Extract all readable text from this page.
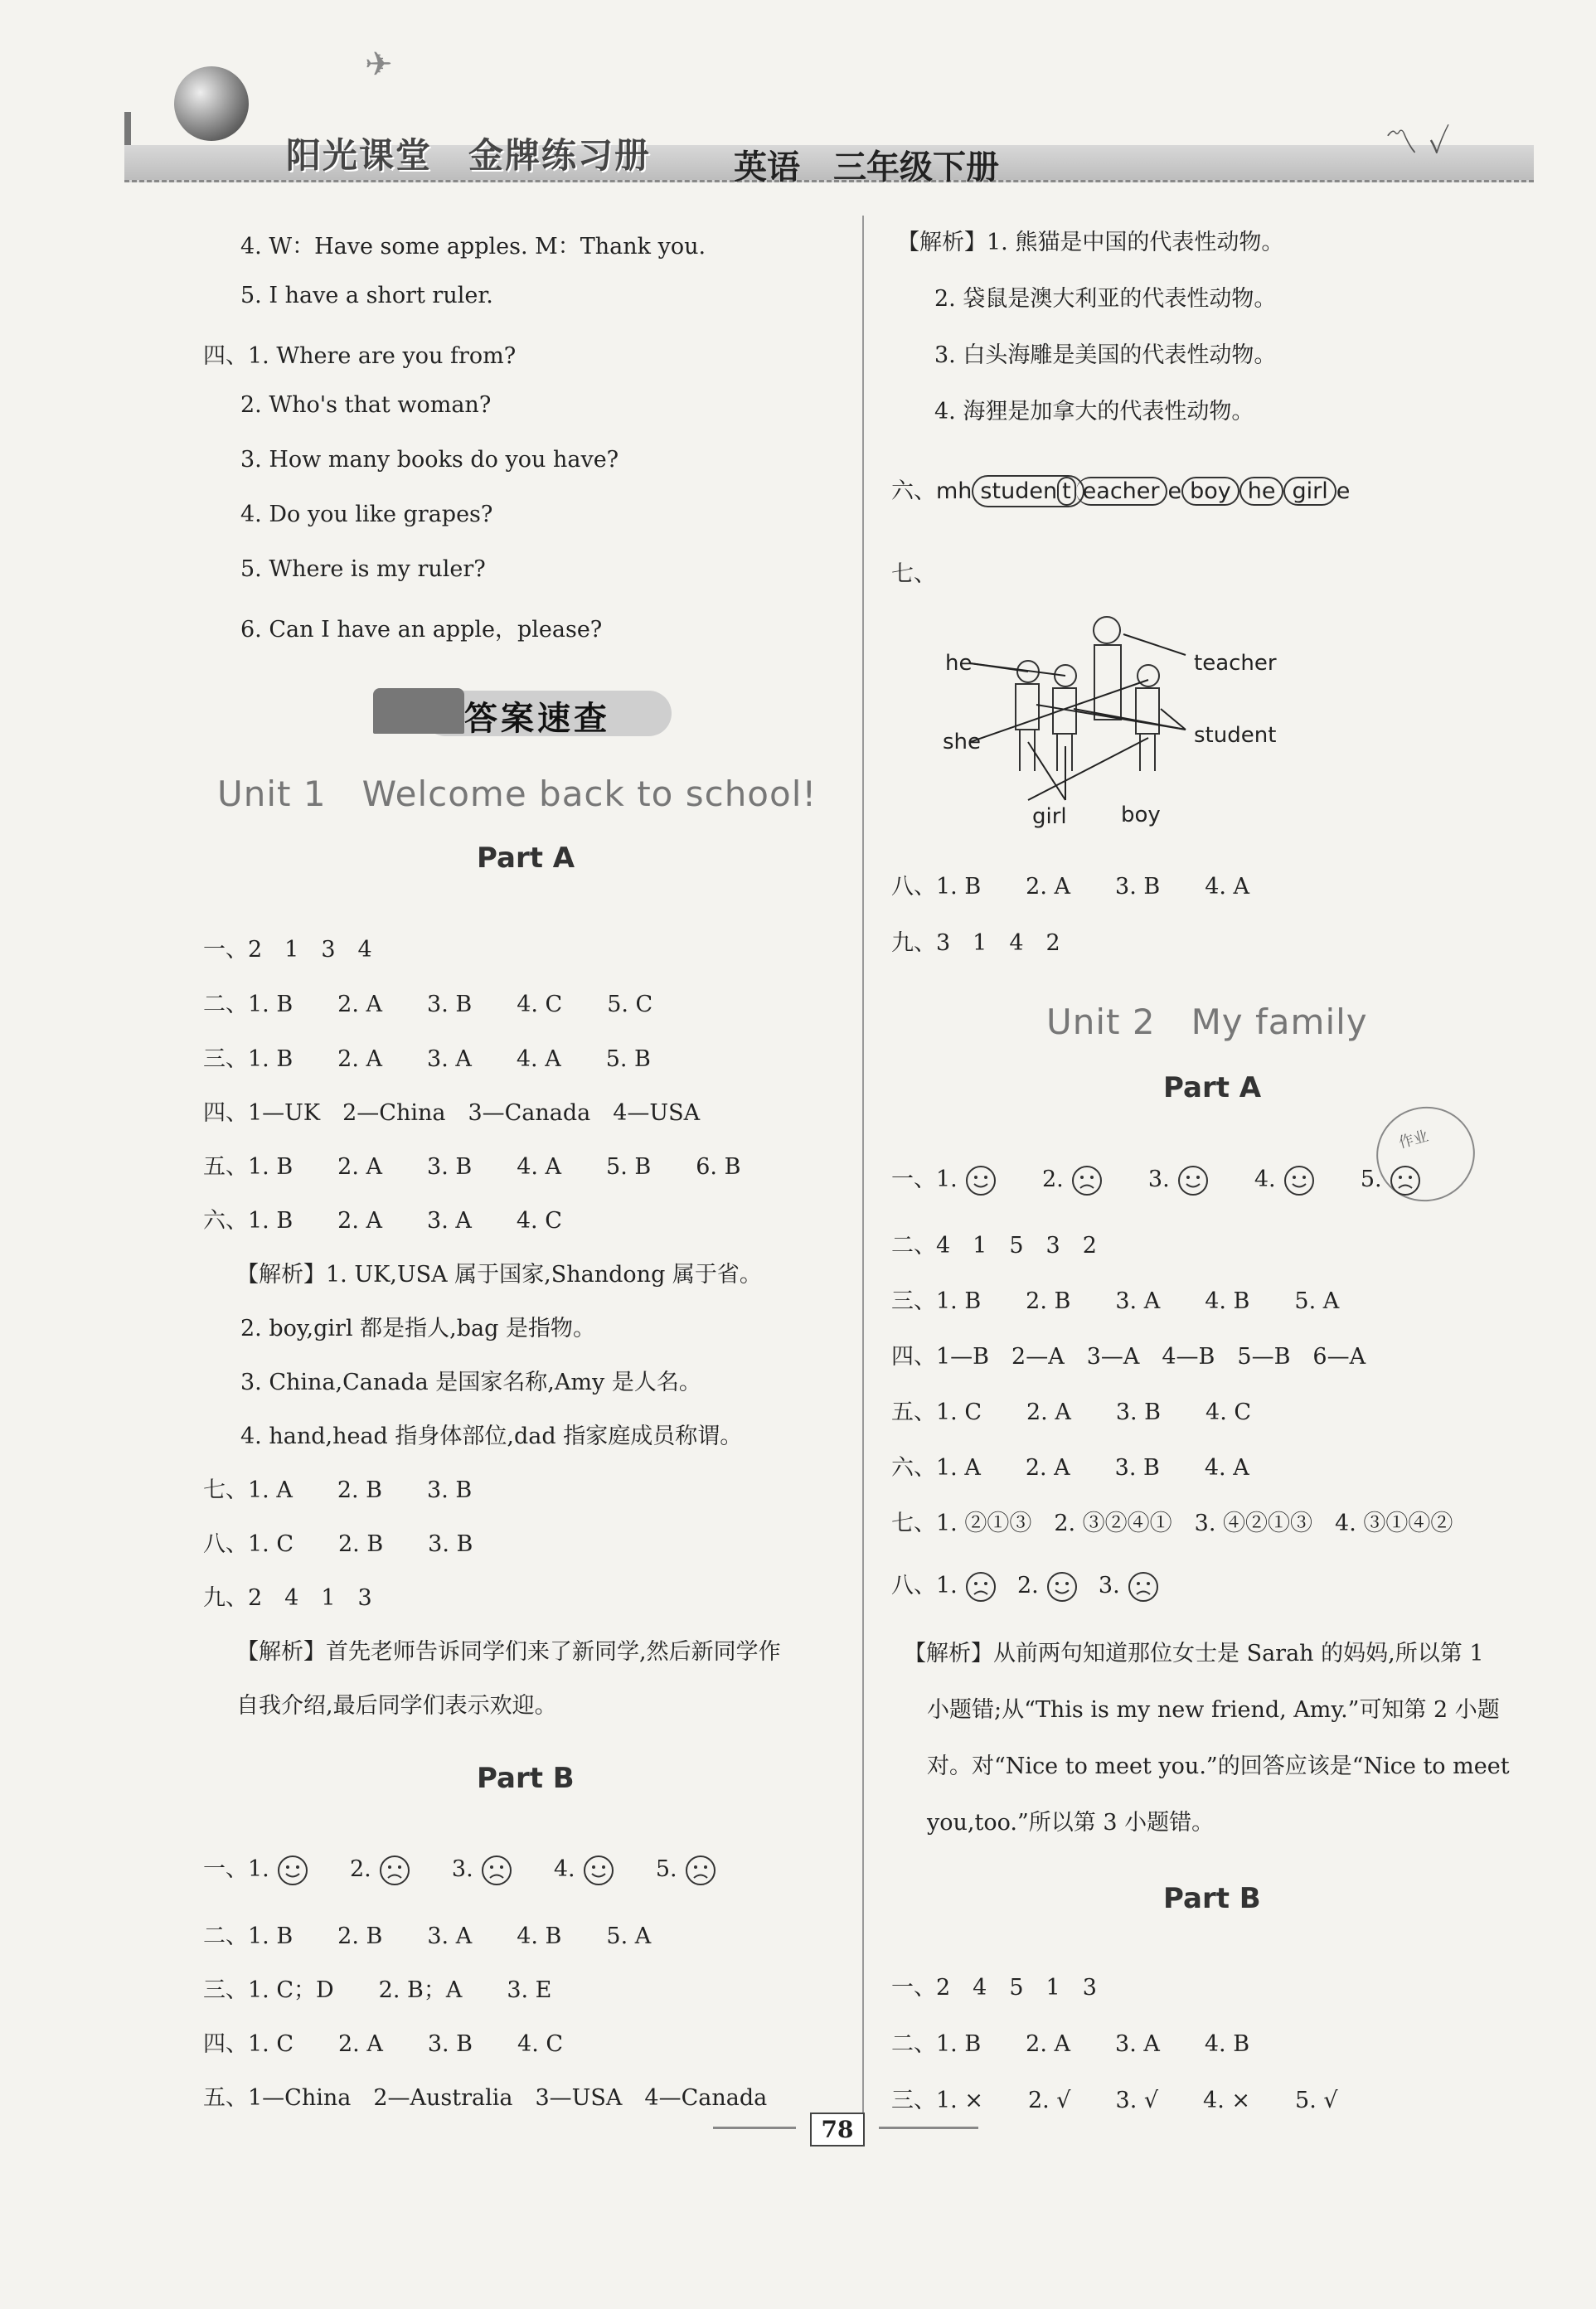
✈
阳光课堂　金牌练习册 英语　三年级下册
〽 ✓
4. W：Have some apples. M：Thank you.
5. I have a short ruler.
四、1. Where are you from?
2. Who's that woman?
3. How many books do you have?
4. Do you like grapes?
5. Where is my ruler?
6. Can I have an apple，please?
答案速查
Unit 1　Welcome back to school!
Part A
一、2　1　3　4
二、1. B　　2. A　　3. B　　4. C　　5. C
三、1. B　　2. A　　3. A　　4. A　　5. B
四、1—UK　2—China　3—Canada　4—USA
五、1. B　　2. A　　3. B　　4. A　　5. B　　6. B
六、1. B　　2. A　　3. A　　4. C
【解析】1. UK,USA 属于国家,Shandong 属于省。
2. boy,girl 都是指人,bag 是指物。
3. China,Canada 是国家名称,Amy 是人名。
4. hand,head 指身体部位,dad 指家庭成员称谓。
七、1. A　　2. B　　3. B
八、1. C　　2. B　　3. B
九、2　4　1　3
【解析】首先老师告诉同学们来了新同学,然后新同学作
自我介绍,最后同学们表示欢迎。
Part B
一、1.	2.	3.	4.	5.
二、1. B　　2. B　　3. A　　4. B　　5. A
三、1. C；D　　2. B；A　　3. E
四、1. C　　2. A　　3. B　　4. C
五、1—China　2—Australia　3—USA　4—Canada
【解析】1. 熊猫是中国的代表性动物。
2. 袋鼠是澳大利亚的代表性动物。
3. 白头海雕是美国的代表性动物。
4. 海狸是加拿大的代表性动物。
六、mh studen t eacher e boy he girl e
七、
he	teacher
she	student
girl	boy
八、1. B　　2. A　　3. B　　4. A
九、3　1　4　2
Unit 2　My family
Part A
作业
一、1.	2.	3.	4.	5.
二、4　1　5　3　2
三、1. B　　2. B　　3. A　　4. B　　5. A
四、1—B　2—A　3—A　4—B　5—B　6—A
五、1. C　　2. A　　3. B　　4. C
六、1. A　　2. A　　3. B　　4. A
七、1. ②①③　2. ③②④①　3. ④②①③　4. ③①④②
八、1.	2.	3.
【解析】从前两句知道那位女士是 Sarah 的妈妈,所以第 1
小题错;从“This is my new friend, Amy.”可知第 2 小题
对。对“Nice to meet you.”的回答应该是“Nice to meet
you,too.”所以第 3 小题错。
Part B
一、2　4　5　1　3
二、1. B　　2. A　　3. A　　4. B
三、1. ×　　2. √　　3. √　　4. ×　　5. √
78
